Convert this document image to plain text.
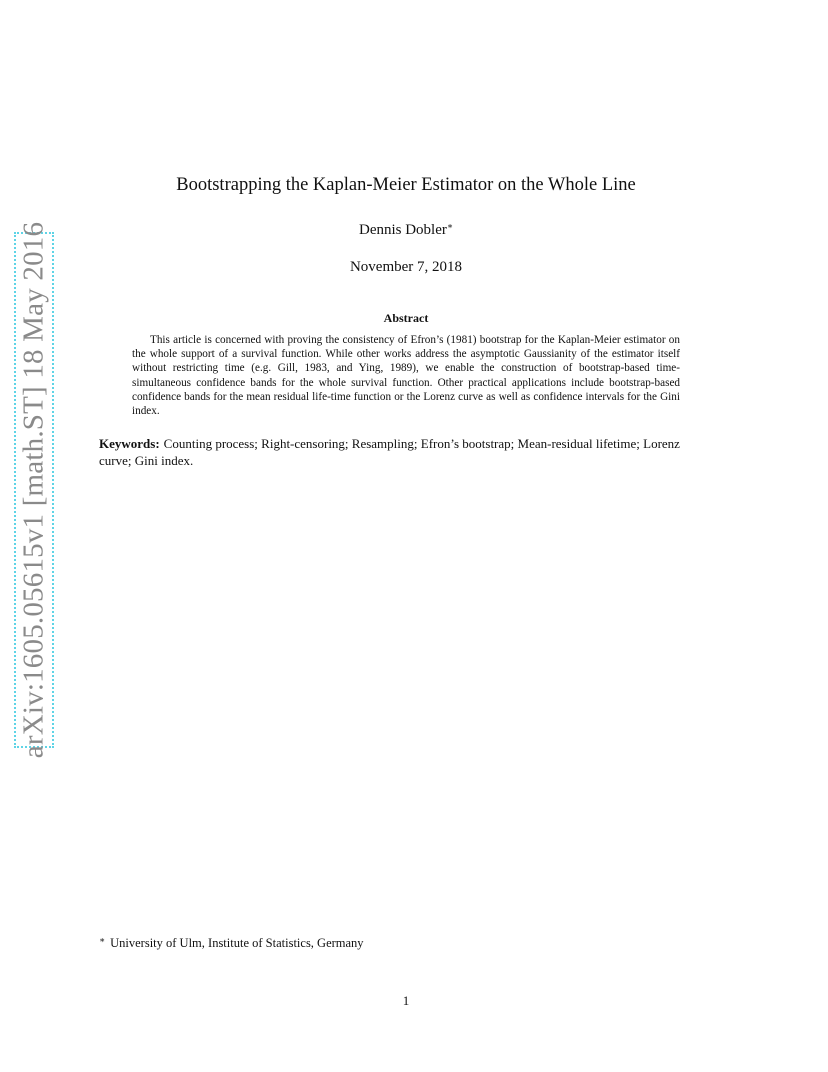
arXiv:1605.05615v1 [math.ST] 18 May 2016
Bootstrapping the Kaplan-Meier Estimator on the Whole Line
Dennis Dobler∗
November 7, 2018
Abstract
This article is concerned with proving the consistency of Efron’s (1981) bootstrap for the Kaplan-Meier estimator on the whole support of a survival function. While other works address the asymptotic Gaussianity of the estimator itself without restricting time (e.g. Gill, 1983, and Ying, 1989), we enable the construction of bootstrap-based time-simultaneous confidence bands for the whole survival function. Other practical applications include bootstrap-based confidence bands for the mean residual life-time function or the Lorenz curve as well as confidence intervals for the Gini index.
Keywords: Counting process; Right-censoring; Resampling; Efron’s bootstrap; Mean-residual lifetime; Lorenz curve; Gini index.
∗ University of Ulm, Institute of Statistics, Germany
1
